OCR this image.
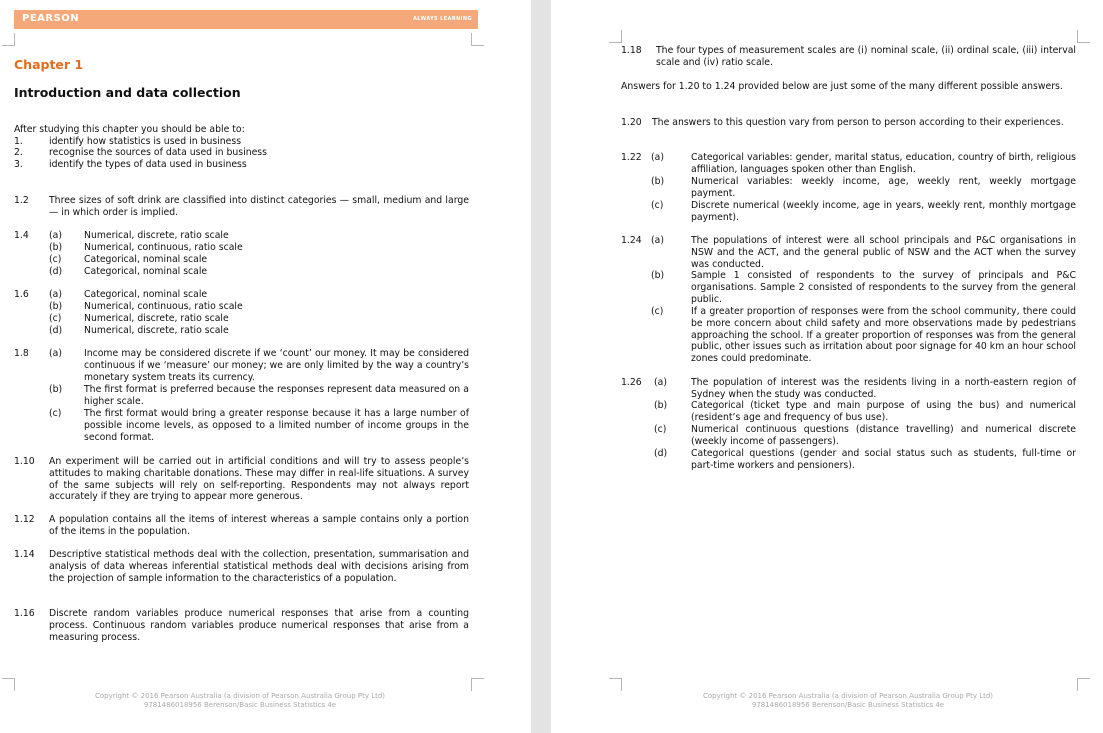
PEARSON	ALWAYS LEARNING
Chapter 1
Introduction and data collection
After studying this chapter you should be able to:
1.	identify how statistics is used in business
2.	recognise the sources of data used in business
3.	identify the types of data used in business
1.2 Three sizes of soft drink are classified into distinct categories — small, medium and large — in which order is implied.
1.4 (a) Numerical, discrete, ratio scale
(b) Numerical, continuous, ratio scale
(c) Categorical, nominal scale
(d) Categorical, nominal scale
1.6 (a) Categorical, nominal scale
(b) Numerical, continuous, ratio scale
(c) Numerical, discrete, ratio scale
(d) Numerical, discrete, ratio scale
1.8 (a) Income may be considered discrete if we ‘count’ our money. It may be considered continuous if we ‘measure’ our money; we are only limited by the way a country’s monetary system treats its currency.
(b) The first format is preferred because the responses represent data measured on a higher scale.
(c) The first format would bring a greater response because it has a large number of possible income levels, as opposed to a limited number of income groups in the second format.
1.10 An experiment will be carried out in artificial conditions and will try to assess people’s attitudes to making charitable donations. These may differ in real-life situations. A survey of the same subjects will rely on self-reporting. Respondents may not always report accurately if they are trying to appear more generous.
1.12 A population contains all the items of interest whereas a sample contains only a portion of the items in the population.
1.14 Descriptive statistical methods deal with the collection, presentation, summarisation and analysis of data whereas inferential statistical methods deal with decisions arising from the projection of sample information to the characteristics of a population.
1.16 Discrete random variables produce numerical responses that arise from a counting process. Continuous random variables produce numerical responses that arise from a measuring process.
Copyright © 2016 Pearson Australia (a division of Pearson Australia Group Pty Ltd)
9781486018956 Berenson/Basic Business Statistics 4e
1.18 The four types of measurement scales are (i) nominal scale, (ii) ordinal scale, (iii) interval scale and (iv) ratio scale.
Answers for 1.20 to 1.24 provided below are just some of the many different possible answers.
1.20 The answers to this question vary from person to person according to their experiences.
1.22 (a)	Categorical variables: gender, marital status, education, country of birth, religious affiliation, languages spoken other than English.
(b)	Numerical variables: weekly income, age, weekly rent, weekly mortgage payment.
(c)	Discrete numerical (weekly income, age in years, weekly rent, monthly mortgage payment).
1.24 (a)	The populations of interest were all school principals and P&C organisations in NSW and the ACT, and the general public of NSW and the ACT when the survey was conducted.
(b)	Sample 1 consisted of respondents to the survey of principals and P&C organisations. Sample 2 consisted of respondents to the survey from the general public.
(c)	If a greater proportion of responses were from the school community, there could be more concern about child safety and more observations made by pedestrians approaching the school. If a greater proportion of responses was from the general public, other issues such as irritation about poor signage for 40 km an hour school zones could predominate.
1.26 (a)	The population of interest was the residents living in a north-eastern region of Sydney when the study was conducted.
(b)	Categorical (ticket type and main purpose of using the bus) and numerical (resident’s age and frequency of bus use).
(c)	Numerical continuous questions (distance travelling) and numerical discrete (weekly income of passengers).
(d)	Categorical questions (gender and social status such as students, full-time or part-time workers and pensioners).
Copyright © 2016 Pearson Australia (a division of Pearson Australia Group Pty Ltd)
9781486018956 Berenson/Basic Business Statistics 4e
